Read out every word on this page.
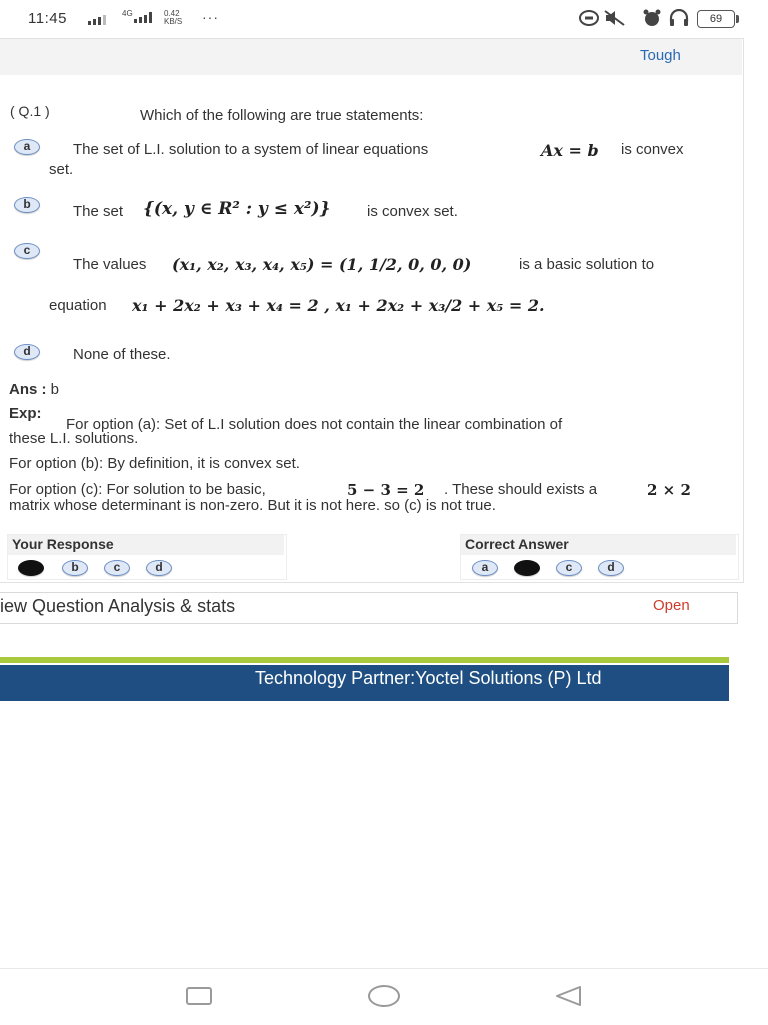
11:45	4G	0.42
KB/S ···	69
Tough
( Q.1 )	Which of the following are true statements:
a	The set of L.I. solution to a system of linear equations	Ax = b is convex
set.
b	The set {(x, y ∈ R² : y ≤ x²)} is convex set.
c
The values (x₁, x₂, x₃, x₄, x₅) = (1, 1/2, 0, 0, 0)	is a basic solution to
equation x₁ + 2x₂ + x₃ + x₄ = 2 , x₁ + 2x₂ + x₃/2 + x₅ = 2.
d	None of these.
Ans : b
Exp:
For option (a): Set of L.I solution does not contain the linear combination of
these L.I. solutions.
For option (b): By definition, it is convex set.
For option (c): For solution to be basic,	5 − 3 = 2 . These should exists a	2 × 2
matrix whose determinant is non-zero. But it is not here. so (c) is not true.
Your Response
a	b	c	d
Correct Answer
a	b	c	d
iew Question Analysis & stats	Open
Technology Partner:Yoctel Solutions (P) Ltd
